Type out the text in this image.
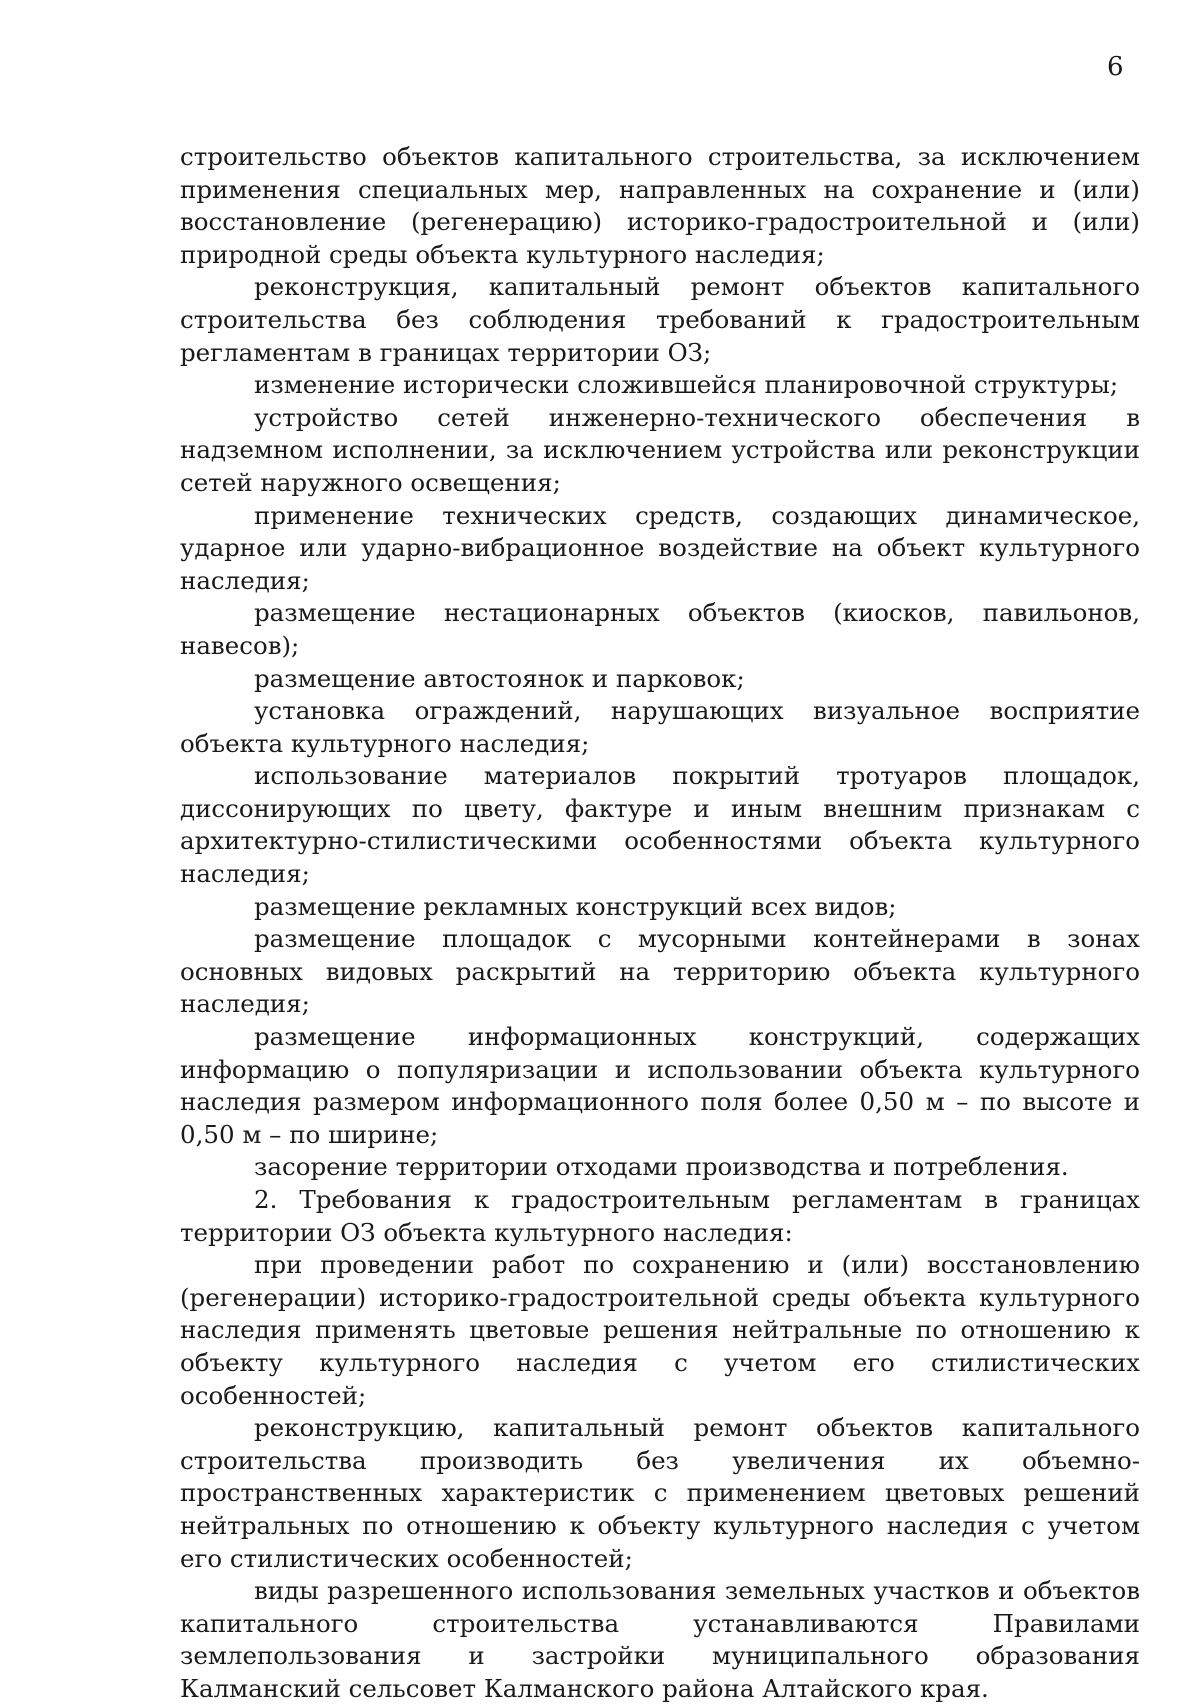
6

строительство объектов капитального строительства, за исключением применения специальных мер, направленных на сохранение и (или) восстановление (регенерацию) историко-градостроительной и (или) природной среды объекта культурного наследия;

реконструкция, капитальный ремонт объектов капитального строительства без соблюдения требований к градостроительным регламентам в границах территории ОЗ;

изменение исторически сложившейся планировочной структуры;

устройство сетей инженерно-технического обеспечения в надземном исполнении, за исключением устройства или реконструкции сетей наружного освещения;

применение технических средств, создающих динамическое, ударное или ударно-вибрационное воздействие на объект культурного наследия;

размещение нестационарных объектов (киосков, павильонов, навесов);

размещение автостоянок и парковок;

установка ограждений, нарушающих визуальное восприятие объекта культурного наследия;

использование материалов покрытий тротуаров площадок, диссонирующих по цвету, фактуре и иным внешним признакам с архитектурно-стилистическими особенностями объекта культурного наследия;

размещение рекламных конструкций всех видов;

размещение площадок с мусорными контейнерами в зонах основных видовых раскрытий на территорию объекта культурного наследия;

размещение информационных конструкций, содержащих информацию о популяризации и использовании объекта культурного наследия размером информационного поля более 0,50 м – по высоте и 0,50 м – по ширине;

засорение территории отходами производства и потребления.

2. Требования к градостроительным регламентам в границах территории ОЗ объекта культурного наследия:

при проведении работ по сохранению и (или) восстановлению (регенерации) историко-градостроительной среды объекта культурного наследия применять цветовые решения нейтральные по отношению к объекту культурного наследия с учетом его стилистических особенностей;

реконструкцию, капитальный ремонт объектов капитального строительства производить без увеличения их объемно-пространственных характеристик с применением цветовых решений нейтральных по отношению к объекту культурного наследия с учетом его стилистических особенностей;

виды разрешенного использования земельных участков и объектов капитального строительства устанавливаются Правилами землепользования и застройки муниципального образования Калманский сельсовет Калманского района Алтайского края.
